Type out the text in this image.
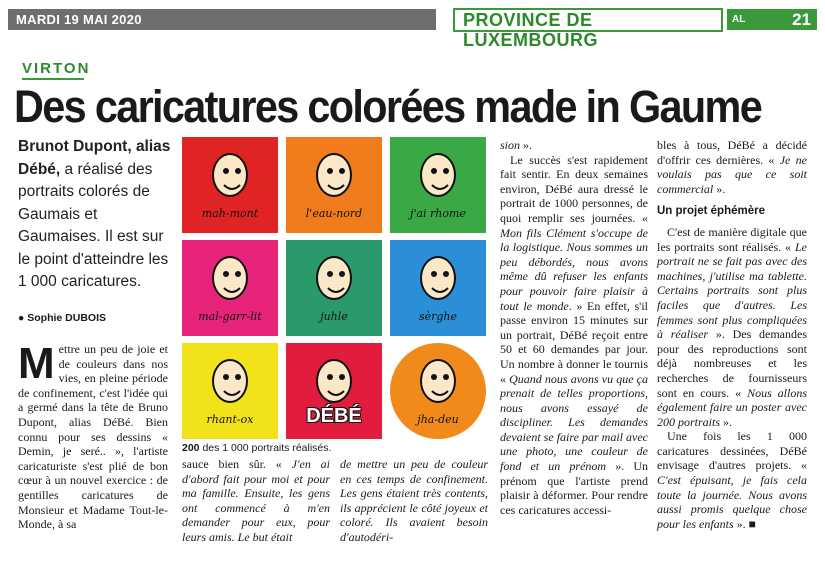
MARDI 19 MAI 2020	PROVINCE DE LUXEMBOURG
AL	21
VIRTON
Des caricatures colorées made in Gaume
Brunot Dupont, alias Débé, a réalisé des portraits colorés de Gaumais et Gaumaises. Il est sur le point d'atteindre les 1 000 caricatures.
● Sophie DUBOIS
Mettre un peu de joie et de couleurs dans nos vies, en pleine période de confinement, c'est l'idée qui a germé dans la tête de Bruno Dupont, alias DéBé. Bien connu pour ses dessins « Demin, je seré.. », l'artiste caricaturiste s'est plié de bon cœur à un nouvel exercice : de gentilles caricatures de Monsieur et Madame Tout-le-Monde, à sa
mah-mont	l'eau-nord	j'ai rhome
mal-garr-lit	juhle	sèrghe
rhant-ox	DÉBÉ	jha-deu
200 des 1 000 portraits réalisés.
sauce bien sûr. « J'en ai d'abord fait pour moi et pour ma famille. Ensuite, les gens ont commencé à m'en demander pour eux, pour leurs amis. Le but était
de mettre un peu de couleur en ces temps de confinement. Les gens étaient très contents, ils apprécient le côté joyeux et coloré. Ils avaient besoin d'autodéri-

sion ».

Le succès s'est rapidement fait sentir. En deux semaines environ, DéBé aura dressé le portrait de 1000 personnes, de quoi remplir ses journées. « Mon fils Clément s'occupe de la logistique. Nous sommes un peu débordés, nous avons même dû refuser les enfants pour pouvoir faire plaisir à tout le monde. » En effet, s'il passe environ 15 minutes sur un portrait, DéBé reçoit entre 50 et 60 demandes par jour. Un nombre à donner le tournis « Quand nous avons vu que ça prenait de telles proportions, nous avons essayé de discipliner. Les demandes devaient se faire par mail avec une photo, une couleur de fond et un prénom ». Un prénom que l'artiste prend plaisir à déformer. Pour rendre ces caricatures accessi-

bles à tous, DéBé a décidé d'offrir ces dernières. « Je ne voulais pas que ce soit commercial ».

Un projet éphémère

C'est de manière digitale que les portraits sont réalisés. « Le portrait ne se fait pas avec des machines, j'utilise ma tablette. Certains portraits sont plus faciles que d'autres. Les femmes sont plus compliquées à réaliser ». Des demandes pour des reproductions sont déjà nombreuses et les recherches de fournisseurs sont en cours. « Nous allons également faire un poster avec 200 portraits ».

Une fois les 1 000 caricatures dessinées, DéBé envisage d'autres projets. « C'est épuisant, je fais cela toute la journée. Nous avons aussi promis quelque chose pour les enfants ». ■
